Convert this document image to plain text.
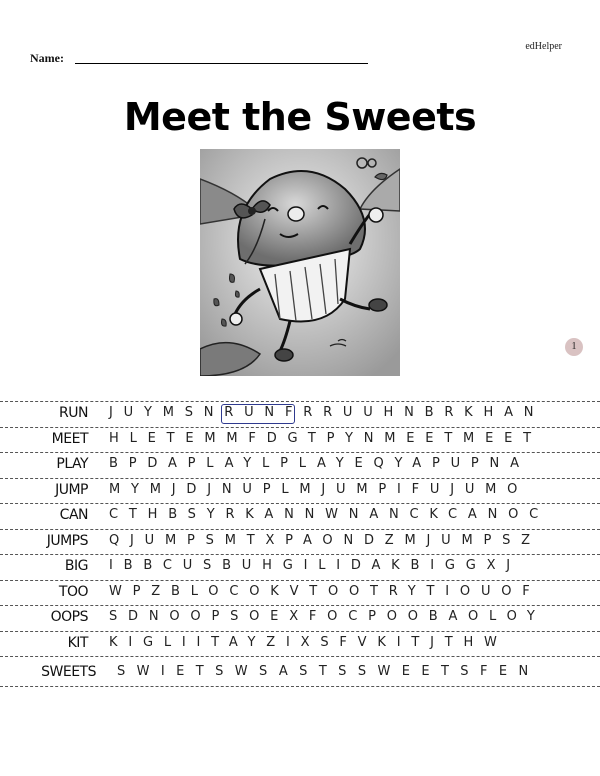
edHelper
Name:
Meet the Sweets
1
RUN JUYMSNRUNFRRUUHNBRKHAN
MEET HLETEMMFDGTPYNMEETMEET
PLAY BPDAPLAYLPLAYEQYAPUPNA
JUMP MYMJDJNUPLMJUMPIFUJUMO
CAN CTHBSYRKANNWNANCKCANOC
JUMPS QJUMPSMTXPAONDZMJUMPSZ
BIG IBBCUSBUHGILIDAKBIGGXJ
TOO WPZBLOCOKVTOOTRYTIOUOF
OOPS SDNOOPSOEXFOCPOOBAOLOY
KIT KIGLIITAYZIXSFVKITJTHW
SWEETS SWIETSWSASTSSWEETSFEN
